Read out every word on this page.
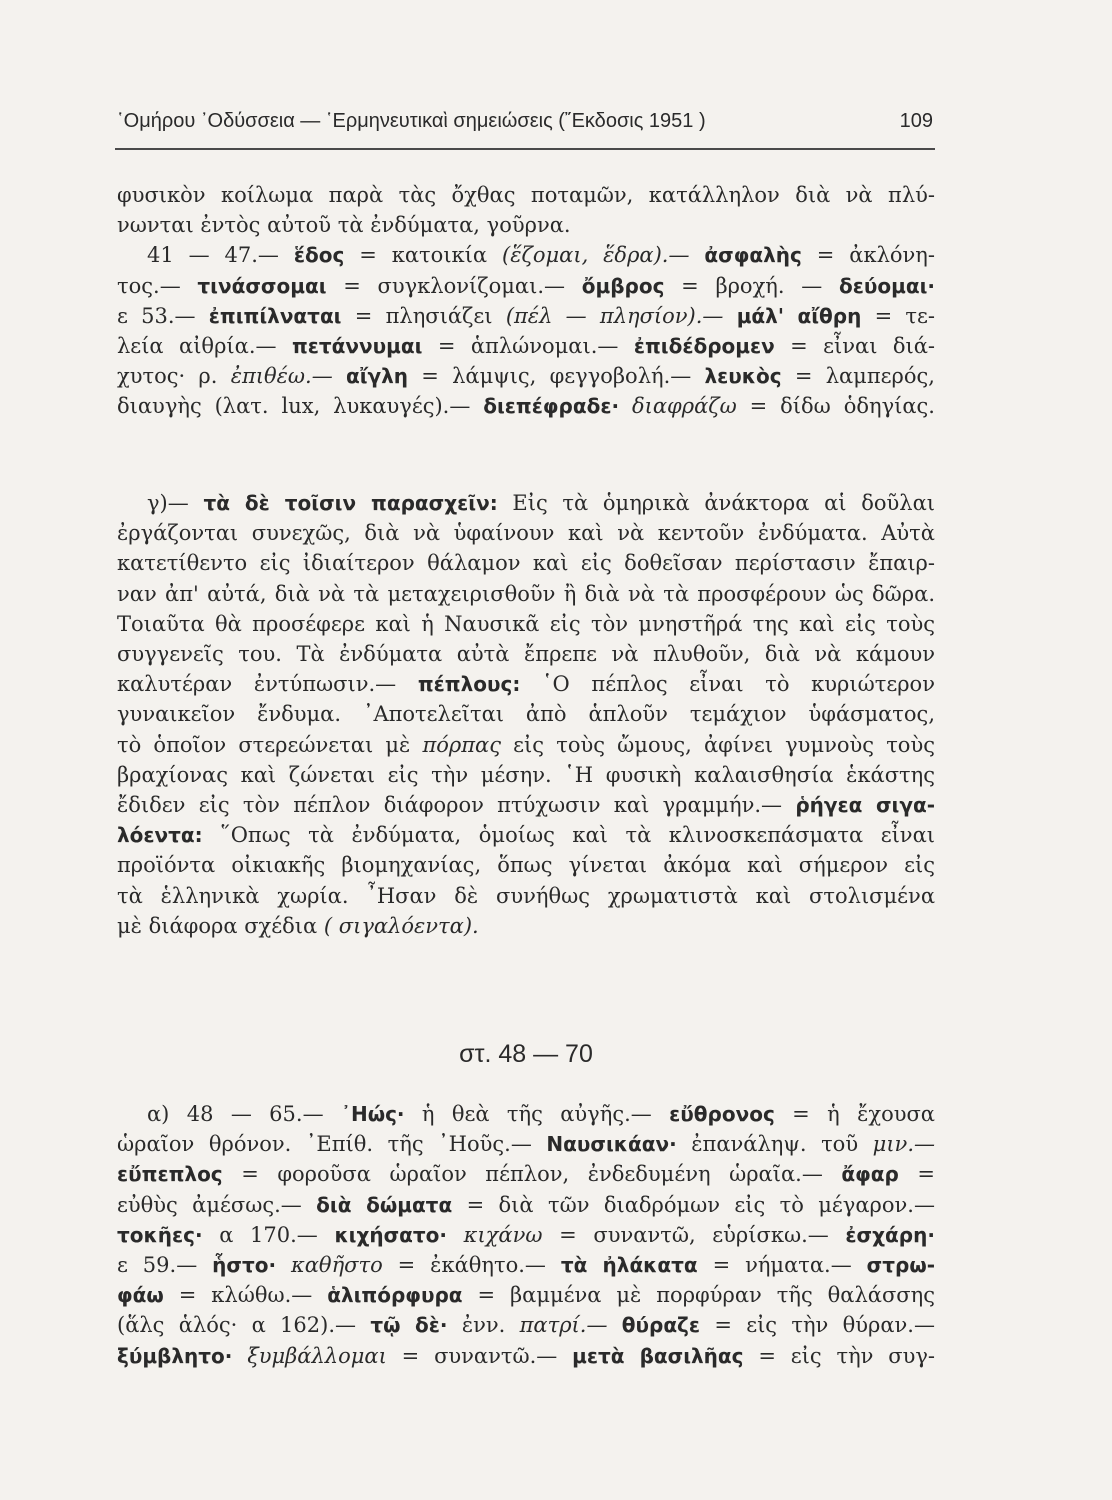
῾Ομήρου ᾿Οδύσσεια — ῾Ερμηνευτικαὶ σημειώσεις (῎Εκδοσις 1951 )	109
φυσικὸν κοίλωμα παρὰ τὰς ὄχθας ποταμῶν, κατάλληλον διὰ νὰ πλύ-
νωνται ἐντὸς αὐτοῦ τὰ ἐνδύματα, γοῦρνα.
41 — 47.— ἕδος = κατοικία (ἕζομαι, ἕδρα).— ἀσφαλὴς = ἀκλόνη-
τος.— τινάσσομαι = συγκλονίζομαι.— ὄμβρος = βροχή. — δεύομαι·
ε 53.— ἐπιπίλναται = πλησιάζει (πέλ — πλησίον).— μάλ' αἴθρη = τε-
λεία αἰθρία.— πετάννυμαι = ἁπλώνομαι.— ἐπιδέδρομεν = εἶναι διά-
χυτος· ρ. ἐπιθέω.— αἴγλη = λάμψις, φεγγοβολή.— λευκὸς = λαμπερός,
διαυγὴς (λατ. lux, λυκαυγές).— διεπέφραδε· διαφράζω = δίδω ὁδηγίας.
γ)— τὰ δὲ τοῖσιν παρασχεῖν: Εἰς τὰ ὁμηρικὰ ἀνάκτορα αἱ δοῦλαι
ἐργάζονται συνεχῶς, διὰ νὰ ὑφαίνουν καὶ νὰ κεντοῦν ἐνδύματα. Αὐτὰ
κατετίθεντο εἰς ἰδιαίτερον θάλαμον καὶ εἰς δοθεῖσαν περίστασιν ἔπαιρ-
ναν ἀπ' αὐτά, διὰ νὰ τὰ μεταχειρισθοῦν ἢ διὰ νὰ τὰ προσφέρουν ὡς δῶρα.
Τοιαῦτα θὰ προσέφερε καὶ ἡ Ναυσικᾶ εἰς τὸν μνηστῆρά της καὶ εἰς τοὺς
συγγενεῖς του. Τὰ ἐνδύματα αὐτὰ ἔπρεπε νὰ πλυθοῦν, διὰ νὰ κάμουν
καλυτέραν ἐντύπωσιν.— πέπλους: ῾Ο πέπλος εἶναι τὸ κυριώτερον
γυναικεῖον ἔνδυμα. ᾿Αποτελεῖται ἀπὸ ἁπλοῦν τεμάχιον ὑφάσματος,
τὸ ὁποῖον στερεώνεται μὲ πόρπας εἰς τοὺς ὤμους, ἀφίνει γυμνοὺς τοὺς
βραχίονας καὶ ζώνεται εἰς τὴν μέσην. ῾Η φυσικὴ καλαισθησία ἑκάστης
ἔδιδεν εἰς τὸν πέπλον διάφορον πτύχωσιν καὶ γραμμήν.— ῥήγεα σιγα-
λόεντα: ῞Οπως τὰ ἐνδύματα, ὁμοίως καὶ τὰ κλινοσκεπάσματα εἶναι
προϊόντα οἰκιακῆς βιομηχανίας, ὅπως γίνεται ἀκόμα καὶ σήμερον εἰς
τὰ ἑλληνικὰ χωρία. ῏Ησαν δὲ συνήθως χρωματιστὰ καὶ στολισμένα
μὲ διάφορα σχέδια ( σιγαλόεντα).
στ. 48 — 70
α) 48 — 65.— ᾿Ηώς· ἡ θεὰ τῆς αὐγῆς.— εὔθρονος = ἡ ἔχουσα
ὡραῖον θρόνον. ᾿Επίθ. τῆς ᾿Ηοῦς.— Ναυσικάαν· ἐπανάληψ. τοῦ μιν.—
εὔπεπλος = φοροῦσα ὡραῖον πέπλον, ἐνδεδυμένη ὡραῖα.— ἄφαρ =
εὐθὺς ἀμέσως.— διὰ δώματα = διὰ τῶν διαδρόμων εἰς τὸ μέγαρον.—
τοκῆες· α 170.— κιχήσατο· κιχάνω = συναντῶ, εὑρίσκω.— ἐσχάρη·
ε 59.— ἧστο· καθῆστο = ἐκάθητο.— τὰ ἠλάκατα = νήματα.— στρω-
φάω = κλώθω.— ἁλιπόρφυρα = βαμμένα μὲ πορφύραν τῆς θαλάσσης
(ἅλς ἁλός· α 162).— τῷ δὲ· ἐνν. πατρί.— θύραζε = εἰς τὴν θύραν.—
ξύμβλητο· ξυμβάλλομαι = συναντῶ.— μετὰ βασιλῆας = εἰς τὴν συγ-
